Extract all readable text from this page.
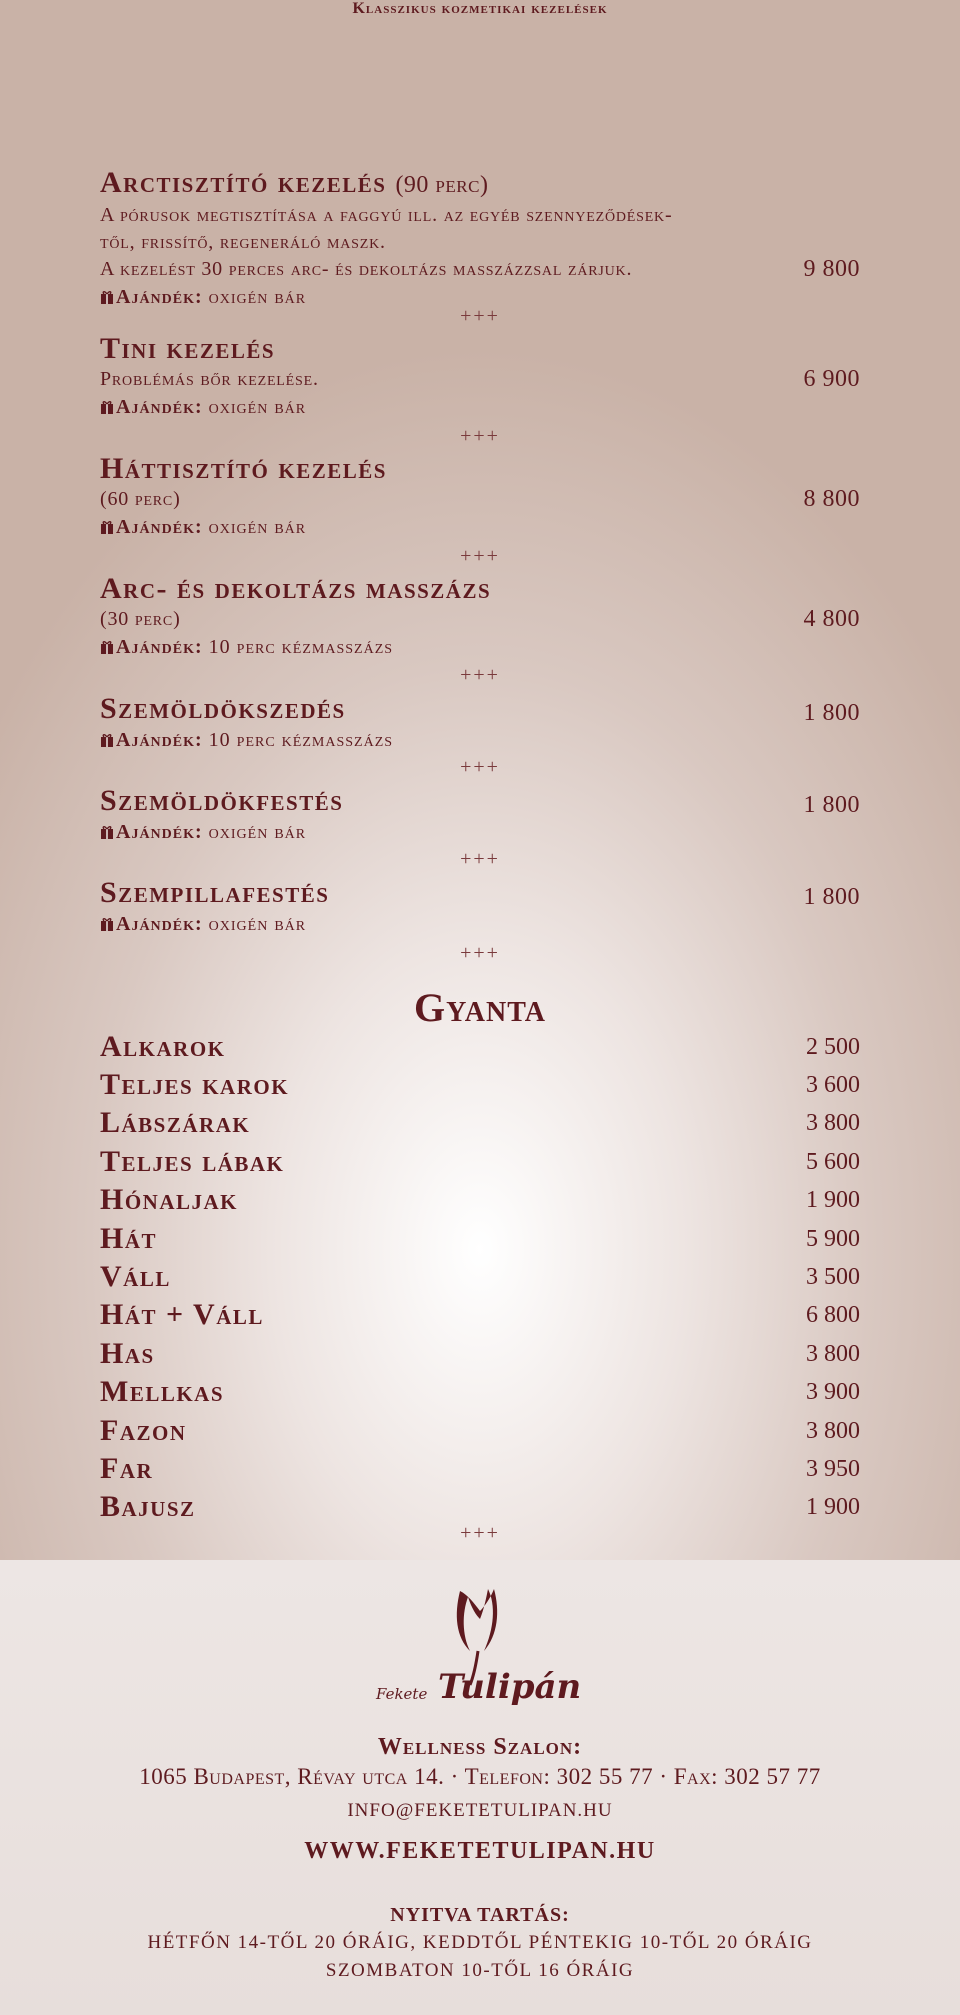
Klasszikus kozmetikai kezelések
Arctisztító kezelés (90 perc)
A pórusok megtisztítása a faggyú ill. az egyéb szennyeződések-
től, frissítő, regeneráló maszk.
A kezelést 30 perces arc- és dekoltázs masszázzsal zárjuk.	9 800
Ajándék: oxigén bár
+++
Tini kezelés
Problémás bőr kezelése.	6 900
Ajándék: oxigén bár
+++
Háttisztító kezelés
(60 perc)	8 800
Ajándék: oxigén bár
+++
Arc- és dekoltázs masszázs
(30 perc)	4 800
Ajándék: 10 perc kézmasszázs
+++
Szemöldökszedés	1 800
Ajándék: 10 perc kézmasszázs
+++
Szemöldökfestés	1 800
Ajándék: oxigén bár
+++
Szempillafestés	1 800
Ajándék: oxigén bár
+++
Gyanta
Alkarok	2 500
Teljes karok	3 600
Lábszárak	3 800
Teljes lábak	5 600
Hónaljak	1 900
Hát	5 900
Váll	3 500
Hát + Váll	6 800
Has	3 800
Mellkas	3 900
Fazon	3 800
Far	3 950
Bajusz	1 900
+++
Fekete Tulipán
Wellness Szalon:
1065 Budapest, Révay utca 14. · Telefon: 302 55 77 · Fax: 302 57 77
INFO@FEKETETULIPAN.HU
WWW.FEKETETULIPAN.HU
NYITVA TARTÁS:
HÉTFŐN 14-TŐL 20 ÓRÁIG, KEDDTŐL PÉNTEKIG 10-TŐL 20 ÓRÁIG
SZOMBATON 10-TŐL 16 ÓRÁIG
